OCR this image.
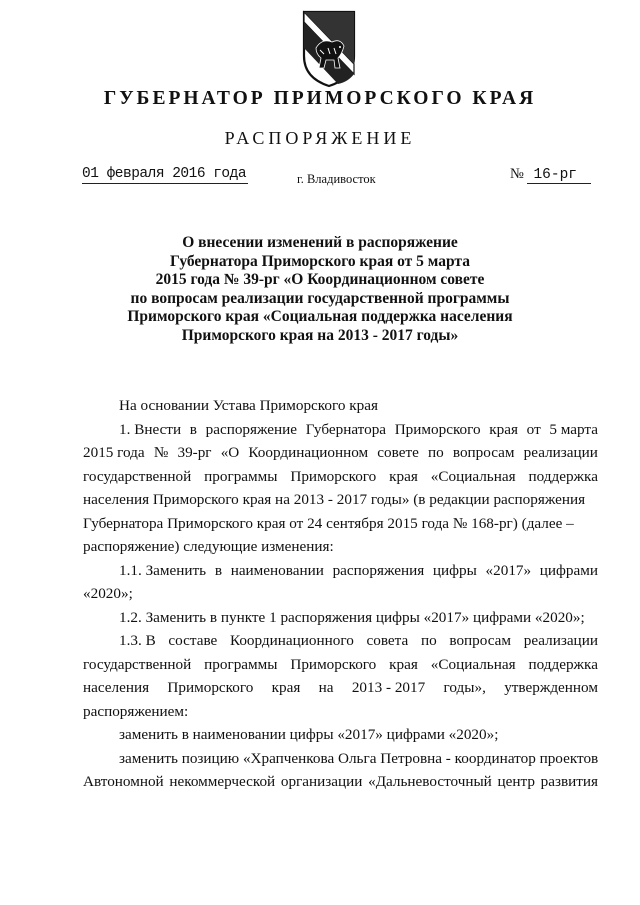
ГУБЕРНАТОР ПРИМОРСКОГО КРАЯ
РАСПОРЯЖЕНИЕ
01 февраля 2016 года	г. Владивосток	№ 16-рг
О внесении изменений в распоряжение
Губернатора Приморского края от 5 марта
2015 года № 39-рг «О Координационном совете
по вопросам реализации государственной программы
Приморского края «Социальная поддержка населения
Приморского края на 2013 - 2017 годы»
На основании Устава Приморского края
1. Внести в распоряжение Губернатора Приморского края от 5 марта
2015 года № 39-рг «О Координационном совете по вопросам реализации
государственной программы Приморского края «Социальная поддержка
населения Приморского края на 2013 - 2017 годы» (в редакции распоряжения
Губернатора Приморского края от 24 сентября 2015 года № 168-рг) (далее –
распоряжение) следующие изменения:
1.1. Заменить в наименовании распоряжения цифры «2017» цифрами
«2020»;
1.2. Заменить в пункте 1 распоряжения цифры «2017» цифрами «2020»;
1.3. В составе Координационного совета по вопросам реализации
государственной программы Приморского края «Социальная поддержка
населения Приморского края на 2013 - 2017 годы», утвержденном
распоряжением:
заменить в наименовании цифры «2017» цифрами «2020»;
заменить позицию «Храпченкова Ольга Петровна - координатор проектов
Автономной некоммерческой организации «Дальневосточный центр развития
